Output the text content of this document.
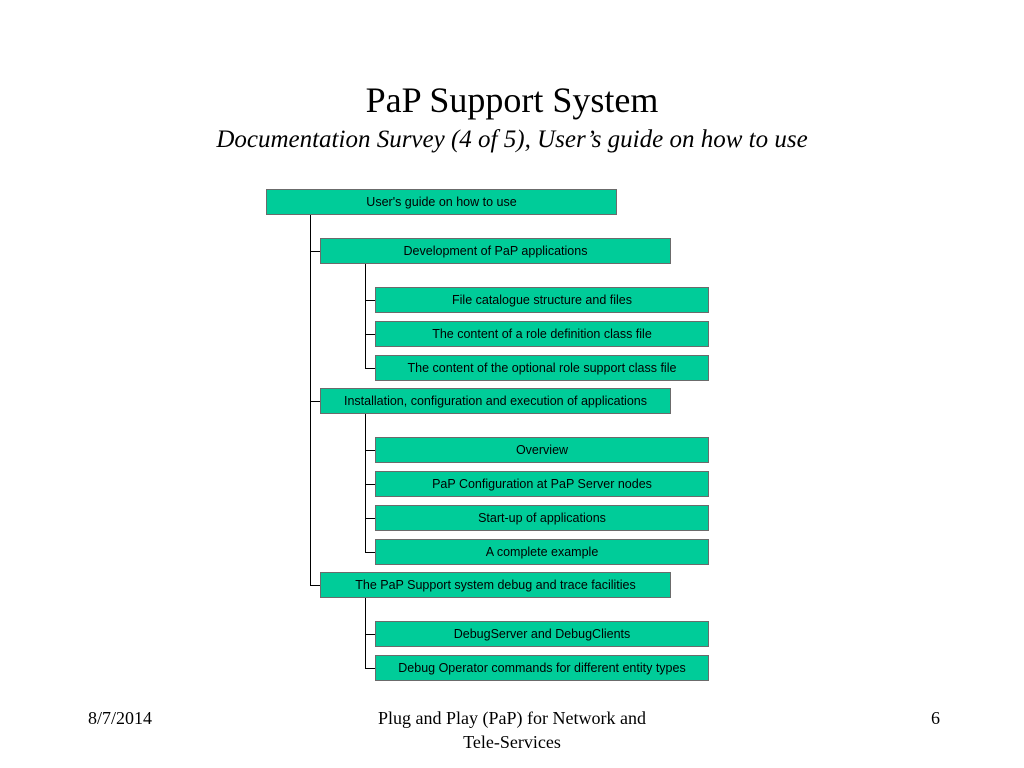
PaP Support System
Documentation Survey (4 of 5), User’s guide on how to use
User's guide on how to use
Development of PaP applications
File catalogue structure and files
The content of a role definition class file
The content of the optional role support class file
Installation, configuration and execution of applications
Overview
PaP Configuration at PaP Server nodes
Start-up of applications
A complete example
The PaP Support system debug and trace facilities
DebugServer and DebugClients
Debug Operator commands for different entity types
8/7/2014	Plug and Play (PaP) for Network and
Tele-Services
6
